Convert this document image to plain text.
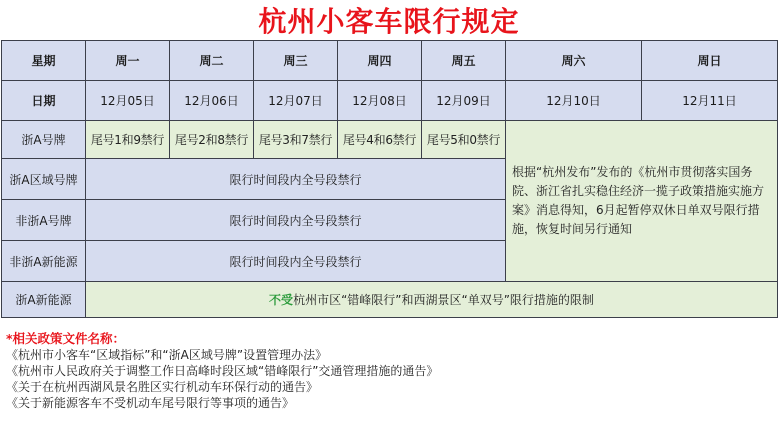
杭州小客车限行规定
星期	周一	周二	周三	周四	周五	周六	周日
日期	12月05日	12月06日	12月07日	12月08日	12月09日	12月10日	12月11日
浙A号牌	尾号1和9禁行	尾号2和8禁行	尾号3和7禁行	尾号4和6禁行	尾号5和0禁行	根据“杭州发布”发布的《杭州市贯彻落实国务院、浙江省扎实稳住经济一揽子政策措施实施方案》消息得知，6月起暂停双休日单双号限行措施，恢复时间另行通知	
浙A区域号牌	限行时间段内全号段禁行						
非浙A号牌	限行时间段内全号段禁行						
非浙A新能源	限行时间段内全号段禁行						
浙A新能源	不受杭州市区“错峰限行”和西湖景区“单双号”限行措施的限制						
*相关政策文件名称：
《杭州市小客车“区域指标”和“浙A区域号牌”设置管理办法》
《杭州市人民政府关于调整工作日高峰时段区域“错峰限行”交通管理措施的通告》
《关于在杭州西湖风景名胜区实行机动车环保行动的通告》
《关于新能源客车不受机动车尾号限行等事项的通告》
